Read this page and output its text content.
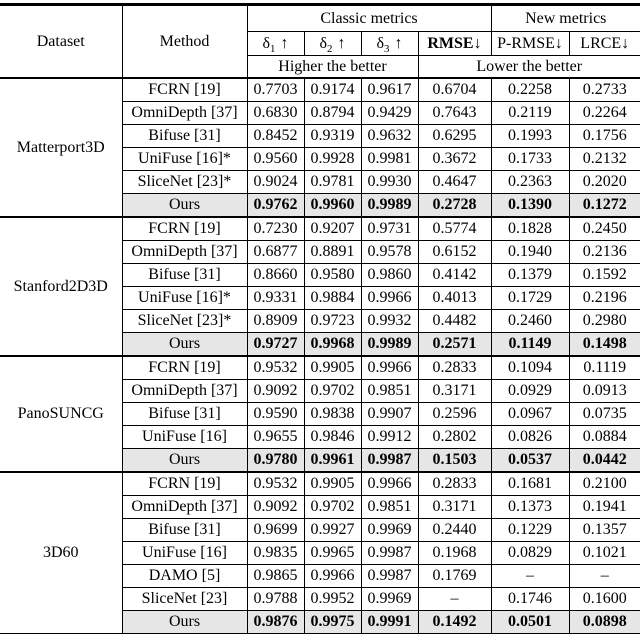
Dataset	Method	Classic metrics				New metrics	
		$\delta_1$ ↑	$\delta_2$ ↑	$\delta_3$ ↑	RMSE↓	P-RMSE↓	LRCE↓
		Higher the better			Lower the better		
Matterport3D	FCRN [19]	0.7703	0.9174	0.9617	0.6704	0.2258	0.2733
	OmniDepth [37]	0.6830	0.8794	0.9429	0.7643	0.2119	0.2264
	Bifuse [31]	0.8452	0.9319	0.9632	0.6295	0.1993	0.1756
	UniFuse [16]*	0.9560	0.9928	0.9981	0.3672	0.1733	0.2132
	SliceNet [23]*	0.9024	0.9781	0.9930	0.4647	0.2363	0.2020
	Ours	0.9762	0.9960	0.9989	0.2728	0.1390	0.1272
Stanford2D3D	FCRN [19]	0.7230	0.9207	0.9731	0.5774	0.1828	0.2450
	OmniDepth [37]	0.6877	0.8891	0.9578	0.6152	0.1940	0.2136
	Bifuse [31]	0.8660	0.9580	0.9860	0.4142	0.1379	0.1592
	UniFuse [16]*	0.9331	0.9884	0.9966	0.4013	0.1729	0.2196
	SliceNet [23]*	0.8909	0.9723	0.9932	0.4482	0.2460	0.2980
	Ours	0.9727	0.9968	0.9989	0.2571	0.1149	0.1498
PanoSUNCG	FCRN [19]	0.9532	0.9905	0.9966	0.2833	0.1094	0.1119
	OmniDepth [37]	0.9092	0.9702	0.9851	0.3171	0.0929	0.0913
	Bifuse [31]	0.9590	0.9838	0.9907	0.2596	0.0967	0.0735
	UniFuse [16]	0.9655	0.9846	0.9912	0.2802	0.0826	0.0884
	Ours	0.9780	0.9961	0.9987	0.1503	0.0537	0.0442
3D60	FCRN [19]	0.9532	0.9905	0.9966	0.2833	0.1681	0.2100
	OmniDepth [37]	0.9092	0.9702	0.9851	0.3171	0.1373	0.1941
	Bifuse [31]	0.9699	0.9927	0.9969	0.2440	0.1229	0.1357
	UniFuse [16]	0.9835	0.9965	0.9987	0.1968	0.0829	0.1021
	DAMO [5]	0.9865	0.9966	0.9987	0.1769	–	–
	SliceNet [23]	0.9788	0.9952	0.9969	–	0.1746	0.1600
	Ours	0.9876	0.9975	0.9991	0.1492	0.0501	0.0898
